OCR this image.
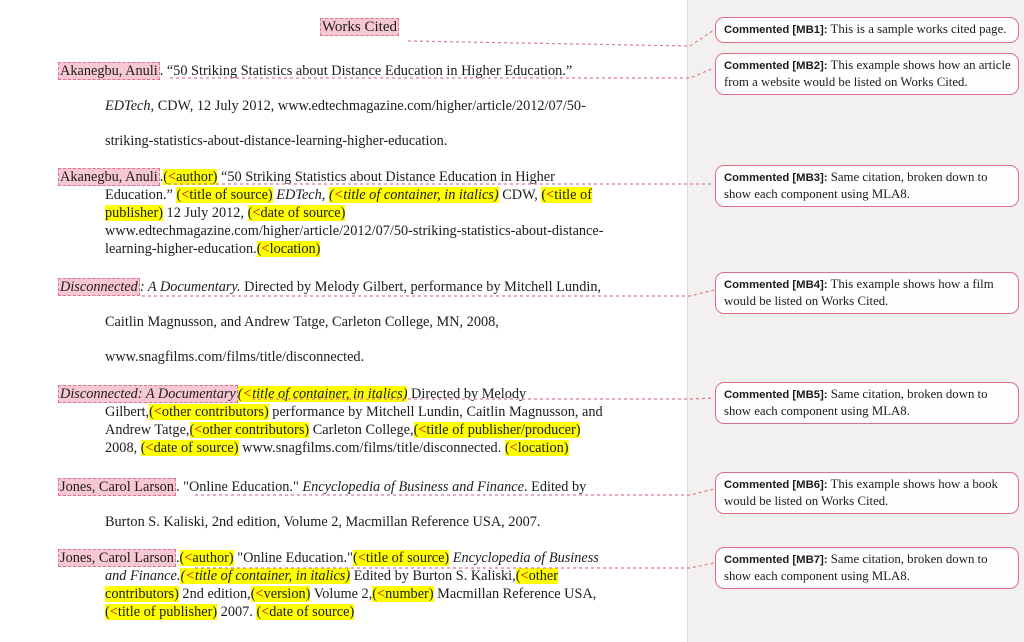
Works Cited
Akanegbu, Anuli . “50 Striking Statistics about Distance Education in Higher Education.”
EDTech, CDW, 12 July 2012, www.edtechmagazine.com/higher/article/2012/07/50-
striking-statistics-about-distance-learning-higher-education.
Akanegbu, Anuli .(<author) “50 Striking Statistics about Distance Education in Higher
Education.” (<title of source) EDTech, (<title of container, in italics) CDW, (<title of
publisher) 12 July 2012, (<date of source)
www.edtechmagazine.com/higher/article/2012/07/50-striking-statistics-about-distance-
learning-higher-education.(<location)
Disconnected : A Documentary. Directed by Melody Gilbert, performance by Mitchell Lundin,
Caitlin Magnusson, and Andrew Tatge, Carleton College, MN, 2008,
www.snagfilms.com/films/title/disconnected.
Disconnected: A Documentary (<title of container, in italics) Directed by Melody
Gilbert,(<other contributors) performance by Mitchell Lundin, Caitlin Magnusson, and
Andrew Tatge,(<other contributors) Carleton College,(<title of publisher/producer)
2008, (<date of source) www.snagfilms.com/films/title/disconnected. (<location)
Jones, Carol Larson . "Online Education." Encyclopedia of Business and Finance. Edited by
Burton S. Kaliski, 2nd edition, Volume 2, Macmillan Reference USA, 2007.
Jones, Carol Larson .(<author) "Online Education."(<title of source) Encyclopedia of Business
and Finance.(<title of container, in italics) Edited by Burton S. Kaliski,(<other
contributors) 2nd edition,(<version) Volume 2,(<number) Macmillan Reference USA,
(<title of publisher) 2007. (<date of source)
Commented [MB1]: This is a sample works cited page.
Commented [MB2]: This example shows how an article from a website would be listed on Works Cited.
Commented [MB3]: Same citation, broken down to show each component using MLA8.
Commented [MB4]: This example shows how a film would be listed on Works Cited.
Commented [MB5]: Same citation, broken down to show each component using MLA8.
Commented [MB6]: This example shows how a book would be listed on Works Cited.
Commented [MB7]: Same citation, broken down to show each component using MLA8.
